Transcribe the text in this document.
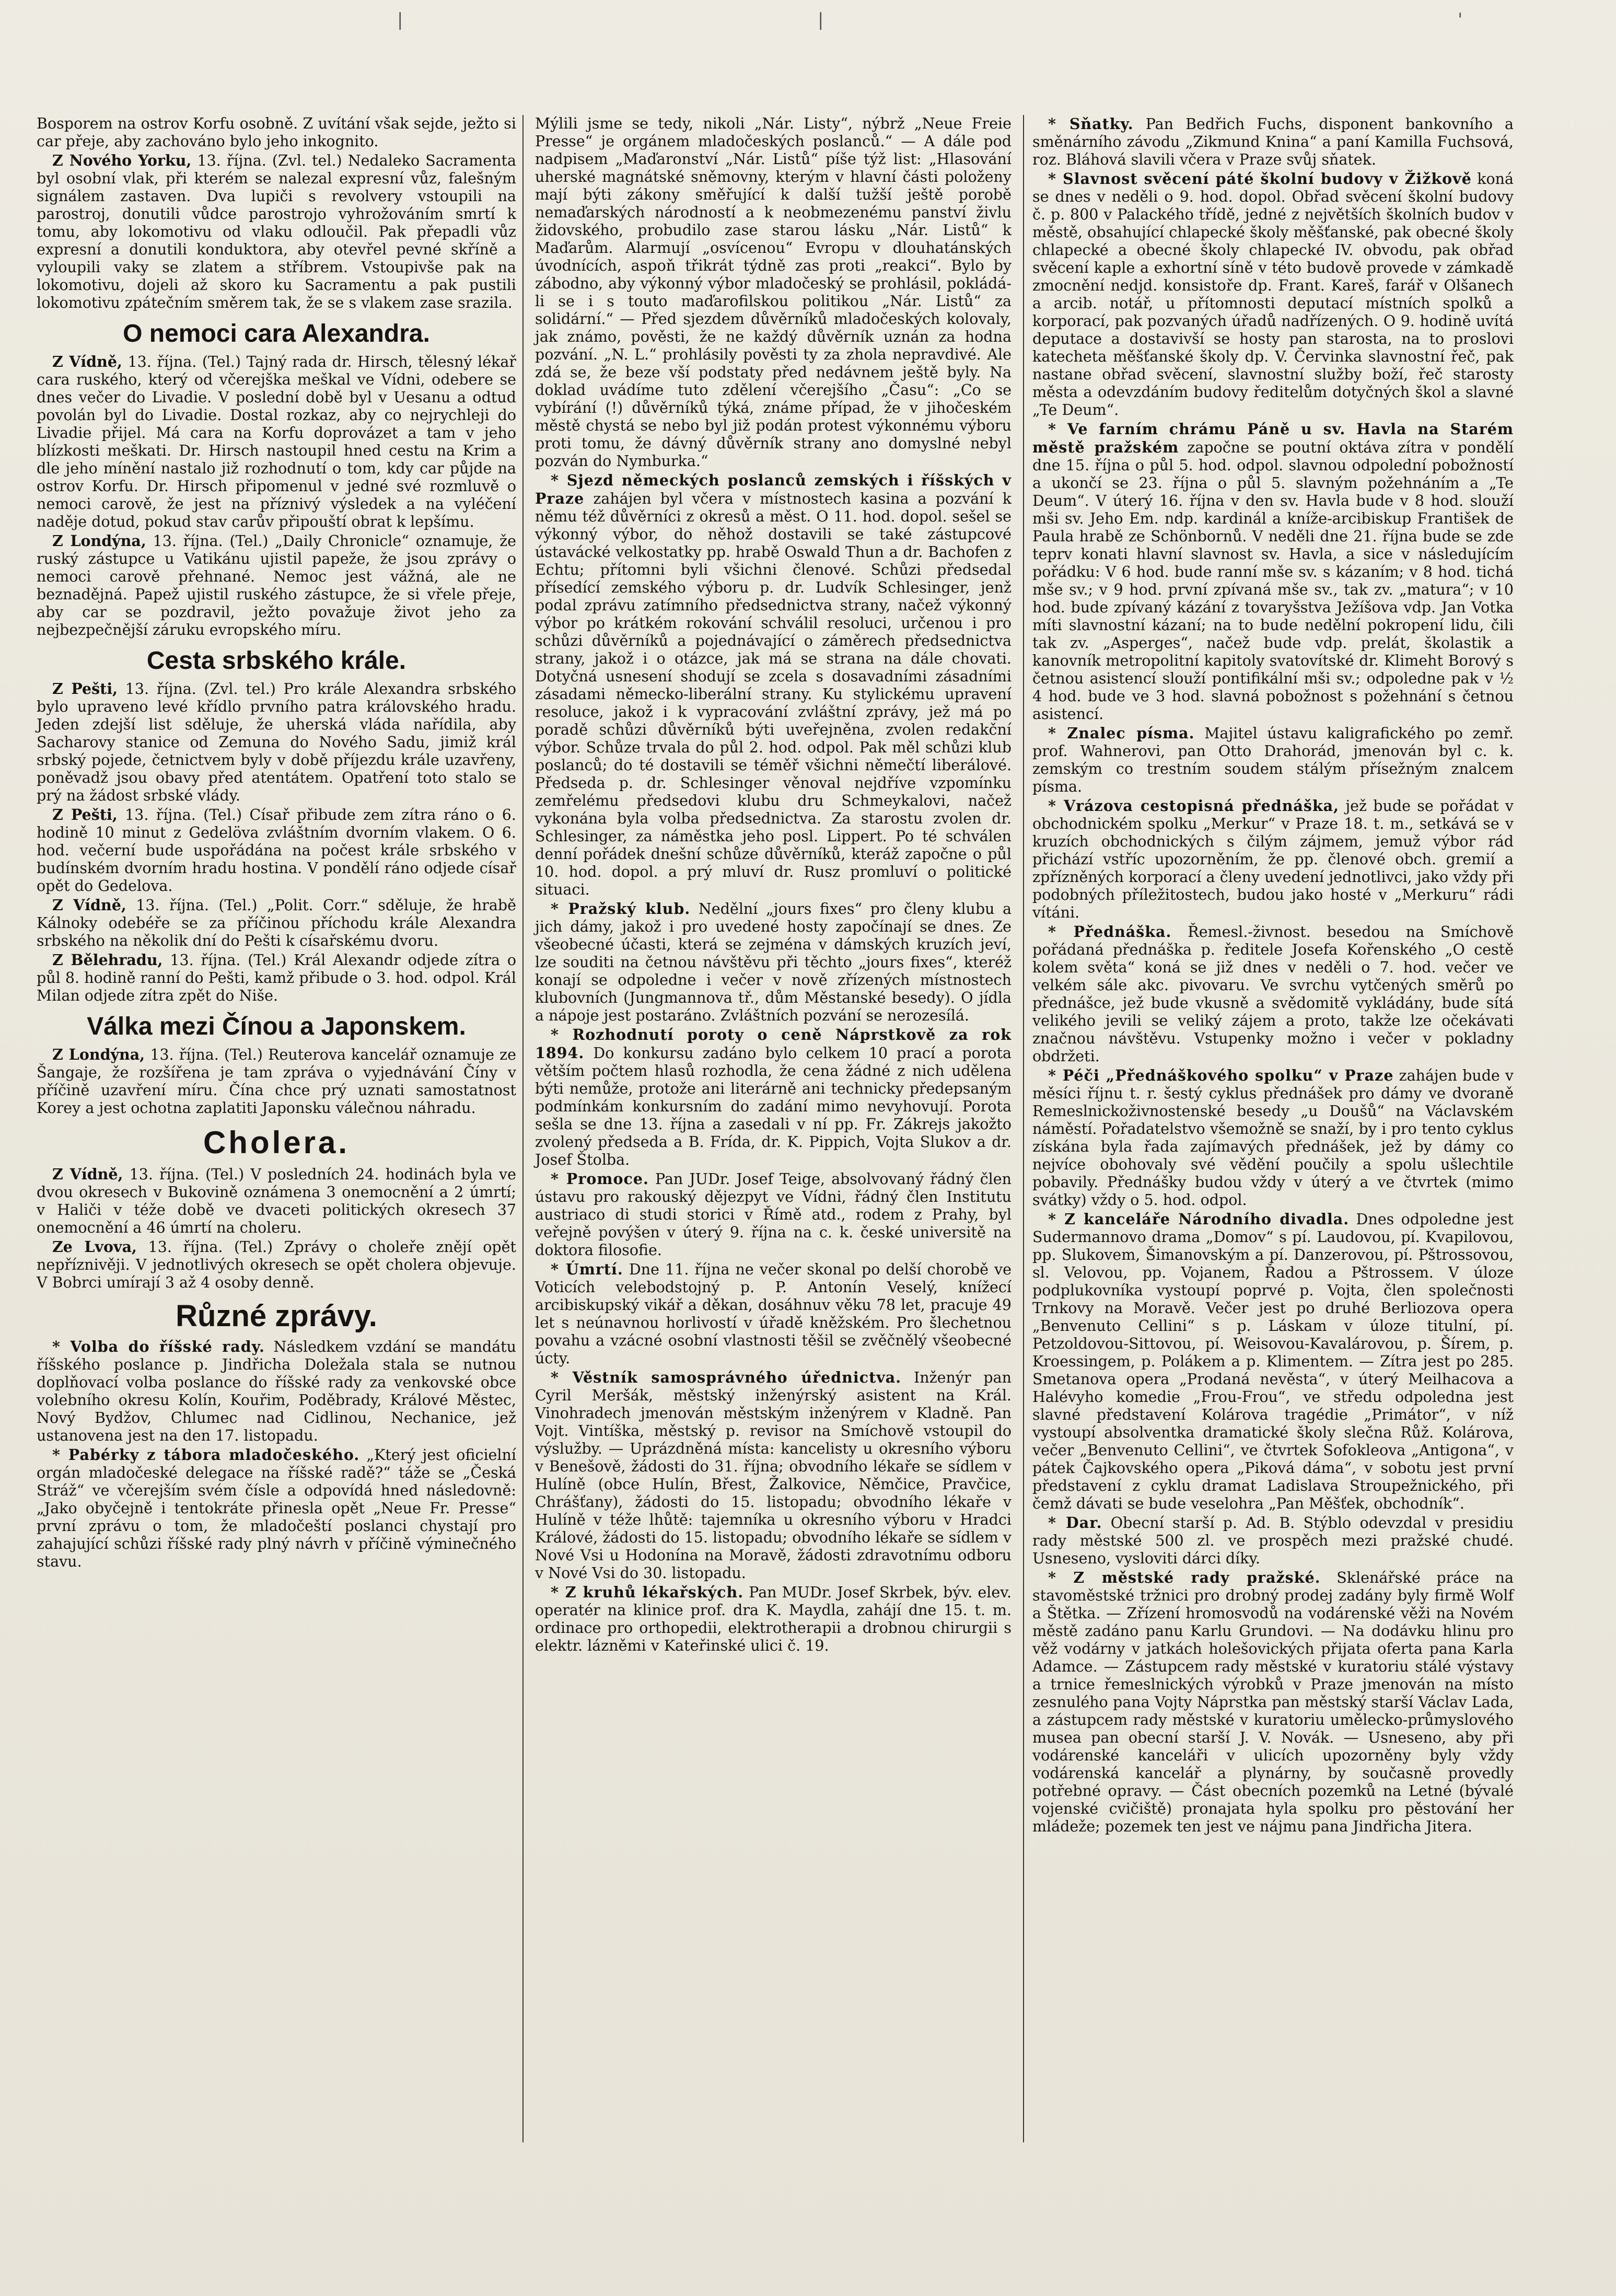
|	|	'

Bosporem na ostrov Korfu osobně. Z uvítání však sejde, ježto si car přeje, aby zachováno bylo jeho inkognito.

Z Nového Yorku, 13. října. (Zvl. tel.) Nedaleko Sacramenta byl osobní vlak, při kterém se nalezal expresní vůz, falešným signálem zastaven. Dva lupiči s revolvery vstoupili na parostroj, donutili vůdce parostrojo vyhrožováním smrtí k tomu, aby lokomotivu od vlaku odloučil. Pak přepadli vůz expresní a donutili konduktora, aby otevřel pevné skříně a vyloupili vaky se zlatem a stříbrem. Vstoupivše pak na lokomotivu, dojeli až skoro ku Sacramentu a pak pustili lokomotivu zpátečním směrem tak, že se s vlakem zase srazila.

O nemoci cara Alexandra.

Z Vídně, 13. října. (Tel.) Tajný rada dr. Hirsch, tělesný lékař cara ruského, který od včerejška meškal ve Vídni, odebere se dnes večer do Livadie. V poslední době byl v Uesanu a odtud povolán byl do Livadie. Dostal rozkaz, aby co nejrychleji do Livadie přijel. Má cara na Korfu doprovázet a tam v jeho blízkosti meškati. Dr. Hirsch nastoupil hned cestu na Krim a dle jeho mínění nastalo již rozhodnutí o tom, kdy car půjde na ostrov Korfu. Dr. Hirsch připomenul v jedné své rozmluvě o nemoci carově, že jest na příznivý výsledek a na vyléčení naděje dotud, pokud stav carův připouští obrat k lepšímu.

Z Londýna, 13. října. (Tel.) „Daily Chronicle“ oznamuje, že ruský zástupce u Vatikánu ujistil papeže, že jsou zprávy o nemoci carově přehnané. Nemoc jest vážná, ale ne beznadějná. Papež ujistil ruského zástupce, že si vřele přeje, aby car se pozdravil, ježto považuje život jeho za nejbezpečnější záruku evropského míru.

Cesta srbského krále.

Z Pešti, 13. října. (Zvl. tel.) Pro krále Alexandra srbského bylo upraveno levé křídlo prvního patra královského hradu. Jeden zdejší list sděluje, že uherská vláda nařídila, aby Sacharovy stanice od Zemuna do Nového Sadu, jimiž král srbský pojede, četnictvem byly v době příjezdu krále uzavřeny, poněvadž jsou obavy před atentátem. Opatření toto stalo se prý na žádost srbské vlády.

Z Pešti, 13. října. (Tel.) Císař přibude zem zítra ráno o 6. hodině 10 minut z Gedelöva zvláštním dvorním vlakem. O 6. hod. večerní bude uspořádána na počest krále srbského v budínském dvorním hradu hostina. V pondělí ráno odjede císař opět do Gedelova.

Z Vídně, 13. října. (Tel.) „Polit. Corr.“ sděluje, že hrabě Kálnoky odebéře se za příčinou příchodu krále Alexandra srbského na několik dní do Pešti k císařskému dvoru.

Z Bělehradu, 13. října. (Tel.) Král Alexandr odjede zítra o půl 8. hodině ranní do Pešti, kamž přibude o 3. hod. odpol. Král Milan odjede zítra zpět do Niše.

Válka mezi Čínou a Japonskem.

Z Londýna, 13. října. (Tel.) Reuterova kancelář oznamuje ze Šangaje, že rozšířena je tam zpráva o vyjednávání Číny v příčině uzavření míru. Čína chce prý uznati samostatnost Korey a jest ochotna zaplatiti Japonsku válečnou náhradu.

Cholera.

Z Vídně, 13. října. (Tel.) V posledních 24. hodinách byla ve dvou okresech v Bukovině oznámena 3 onemocnění a 2 úmrtí; v Haliči v téže době ve dvaceti politických okresech 37 onemocnění a 46 úmrtí na choleru.

Ze Lvova, 13. října. (Tel.) Zprávy o choleře znějí opět nepříznivěji. V jednotlivých okresech se opět cholera objevuje. V Bobrci umírají 3 až 4 osoby denně.

Různé zprávy.

* Volba do říšské rady. Následkem vzdání se mandátu říšského poslance p. Jindřicha Doležala stala se nutnou doplňovací volba poslance do říšské rady za venkovské obce volebního okresu Kolín, Kouřim, Poděbrady, Králové Městec, Nový Bydžov, Chlumec nad Cidlinou, Nechanice, jež ustanovena jest na den 17. listopadu.

* Pabérky z tábora mladočeského. „Který jest oficielní orgán mladočeské delegace na říšské radě?“ táže se „Česká Stráž“ ve včerejším svém čísle a odpovídá hned následovně: „Jako obyčejně i tentokráte přinesla opět „Neue Fr. Presse“ první zprávu o tom, že mladočeští poslanci chystají pro zahajující schůzi říšské rady plný návrh v příčině výminečného stavu.

Mýlili jsme se tedy, nikoli „Nár. Listy“, nýbrž „Neue Freie Presse“ je orgánem mladočeských poslanců.“ — A dále pod nadpisem „Maďaronství „Nár. Listů“ píše týž list: „Hlasování uherské magnátské sněmovny, kterým v hlavní části položeny mají býti zákony směřující k další tužší ještě porobě nemaďarských národností a k neobmezenému panství živlu židovského, probudilo zase starou lásku „Nár. Listů“ k Maďarům. Alarmují „osvícenou“ Evropu v dlouhatánských úvodnících, aspoň třikrát týdně zas proti „reakci“. Bylo by zábodno, aby výkonný výbor mladočeský se prohlásil, pokládá-li se i s touto maďarofilskou politikou „Nár. Listů“ za solidární.“ — Před sjezdem důvěrníků mladočeských kolovaly, jak známo, pověsti, že ne každý důvěrník uznán za hodna pozvání. „N. L.“ prohlásily pověsti ty za zhola nepravdivé. Ale zdá se, že beze vší podstaty před nedávnem ještě byly. Na doklad uvádíme tuto zdělení včerejšího „Času“: „Co se vybírání (!) důvěrníků týká, známe případ, že v jihočeském městě chystá se nebo byl již podán protest výkonnému výboru proti tomu, že dávný důvěrník strany ano domyslné nebyl pozván do Nymburka.“

* Sjezd německých poslanců zemských i říšských v Praze zahájen byl včera v místnostech kasina a pozvání k němu též důvěrníci z okresů a měst. O 11. hod. dopol. sešel se výkonný výbor, do něhož dostavili se také zástupcové ústavácké velkostatky pp. hrabě Oswald Thun a dr. Bachofen z Echtu; přítomni byli všichni členové. Schůzi předsedal přísedící zemského výboru p. dr. Ludvík Schlesinger, jenž podal zprávu zatímního předsednictva strany, načež výkonný výbor po krátkém rokování schválil resoluci, určenou i pro schůzi důvěrníků a pojednávající o záměrech předsednictva strany, jakož i o otázce, jak má se strana na dále chovati. Dotyčná usnesení shodují se zcela s dosavadními zásadními zásadami německo-liberální strany. Ku stylickému upravení resoluce, jakož i k vypracování zvláštní zprávy, jež má po poradě schůzi důvěrníků býti uveřejněna, zvolen redakční výbor. Schůze trvala do půl 2. hod. odpol. Pak měl schůzi klub poslanců; do té dostavili se téměř všichni němečtí liberálové. Předseda p. dr. Schlesinger věnoval nejdříve vzpomínku zemřelému předsedovi klubu dru Schmeykalovi, načež vykonána byla volba předsednictva. Za starostu zvolen dr. Schlesinger, za náměstka jeho posl. Lippert. Po té schválen denní pořádek dnešní schůze důvěrníků, kteráž započne o půl 10. hod. dopol. a prý mluví dr. Rusz promluví o politické situaci.

* Pražský klub. Nedělní „jours fixes“ pro členy klubu a jich dámy, jakož i pro uvedené hosty započínají se dnes. Ze všeobecné účasti, která se zejména v dámských kruzích jeví, lze souditi na četnou návštěvu při těchto „jours fixes“, kteréž konají se odpoledne i večer v nově zřízených místnostech klubovních (Jungmannova tř., dům Městanské besedy). O jídla a nápoje jest postaráno. Zvláštních pozvání se nerozesílá.

* Rozhodnutí poroty o ceně Náprstkově za rok 1894. Do konkursu zadáno bylo celkem 10 prací a porota větším počtem hlasů rozhodla, že cena žádné z nich udělena býti nemůže, protože ani literárně ani technicky předepsaným podmínkám konkursním do zadání mimo nevyhovují. Porota sešla se dne 13. října a zasedali v ní pp. Fr. Zákrejs jakožto zvolený předseda a B. Frída, dr. K. Pippich, Vojta Slukov a dr. Josef Štolba.

* Promoce. Pan JUDr. Josef Teige, absolvovaný řádný člen ústavu pro rakouský dějezpyt ve Vídni, řádný člen Institutu austriaco di studi storici v Římě atd., rodem z Prahy, byl veřejně povýšen v úterý 9. října na c. k. české universitě na doktora filosofie.

* Úmrtí. Dne 11. října ne večer skonal po delší chorobě ve Voticích velebodstojný p. P. Antonín Veselý, knížecí arcibiskupský vikář a děkan, dosáhnuv věku 78 let, pracuje 49 let s neúnavnou horlivostí v úřadě kněžském. Pro šlechetnou povahu a vzácné osobní vlastnosti těšil se zvěčnělý všeobecné úcty.

* Věstník samosprávného úřednictva. Inženýr pan Cyril Meršák, městský inženýrský asistent na Král. Vinohradech jmenován městským inženýrem v Kladně. Pan Vojt. Vintíška, městský p. revisor na Smíchově vstoupil do výslužby. — Uprázdněná místa: kancelisty u okresního výboru v Benešově, žádosti do 31. října; obvodního lékaře se sídlem v Hulíně (obce Hulín, Břest, Žalkovice, Němčice, Pravčice, Chrášťany), žádosti do 15. listopadu; obvodního lékaře v Hulíně v téže lhůtě: tajemníka u okresního výboru v Hradci Králové, žádosti do 15. listopadu; obvodního lékaře se sídlem v Nové Vsi u Hodonína na Moravě, žádosti zdravotnímu odboru v Nové Vsi do 30. listopadu.

* Z kruhů lékařských. Pan MUDr. Josef Skrbek, býv. elev. operatér na klinice prof. dra K. Maydla, zahájí dne 15. t. m. ordinace pro orthopedii, elektrotherapii a drobnou chirurgii s elektr. lázněmi v Kateřinské ulici č. 19.

* Sňatky. Pan Bedřich Fuchs, disponent bankovního a směnárního závodu „Zikmund Knina“ a paní Kamilla Fuchsová, roz. Bláhová slavili včera v Praze svůj sňatek.

* Slavnost svěcení páté školní budovy v Žižkově koná se dnes v neděli o 9. hod. dopol. Obřad svěcení školní budovy č. p. 800 v Palackého třídě, jedné z největších školních budov v městě, obsahující chlapecké školy měšťanské, pak obecné školy chlapecké a obecné školy chlapecké IV. obvodu, pak obřad svěcení kaple a exhortní síně v této budově provede v zámkadě zmocnění nedjd. konsistoře dp. Frant. Kareš, farář v Olšanech a arcib. notář, u přítomnosti deputací místních spolků a korporací, pak pozvaných úřadů nadřízených. O 9. hodině uvítá deputace a dostavivší se hosty pan starosta, na to proslovi katecheta měšťanské školy dp. V. Červinka slavnostní řeč, pak nastane obřad svěcení, slavnostní služby boží, řeč starosty města a odevzdáním budovy ředitelům dotyčných škol a slavné „Te Deum“.

* Ve farním chrámu Páně u sv. Havla na Starém městě pražském započne se poutní oktáva zítra v pondělí dne 15. října o půl 5. hod. odpol. slavnou odpolední pobožností a ukončí se 23. října o půl 5. slavným požehnáním a „Te Deum“. V úterý 16. října v den sv. Havla bude v 8 hod. slouží mši sv. Jeho Em. ndp. kardinál a kníže-arcibiskup František de Paula hrabě ze Schönbornů. V neděli dne 21. října bude se zde teprv konati hlavní slavnost sv. Havla, a sice v následujícím pořádku: V 6 hod. bude ranní mše sv. s kázaním; v 8 hod. tichá mše sv.; v 9 hod. první zpívaná mše sv., tak zv. „matura“; v 10 hod. bude zpívaný kázání z tovaryšstva Ježíšova vdp. Jan Votka míti slavnostní kázaní; na to bude nedělní pokropení lidu, čili tak zv. „Asperges“, načež bude vdp. prelát, školastik a kanovník metropolitní kapitoly svatovítské dr. Klimeht Borový s četnou asistencí slouží pontifikální mši sv.; odpoledne pak v ½ 4 hod. bude ve 3 hod. slavná pobožnost s požehnání s četnou asistencí.

* Znalec písma. Majitel ústavu kaligrafického po zemř. prof. Wahnerovi, pan Otto Drahorád, jmenován byl c. k. zemským co trestním soudem stálým přísežným znalcem písma.

* Vrázova cestopisná přednáška, jež bude se pořádat v obchodnickém spolku „Merkur“ v Praze 18. t. m., setkává se v kruzích obchodnických s čilým zájmem, jemuž výbor rád přichází vstříc upozorněním, že pp. členové obch. gremií a zpřízněných korporací a členy uvedení jednotlivci, jako vždy při podobných příležitostech, budou jako hosté v „Merkuru“ rádi vítáni.

* Přednáška. Řemesl.-živnost. besedou na Smíchově pořádaná přednáška p. ředitele Josefa Kořenského „O cestě kolem světa“ koná se již dnes v neděli o 7. hod. večer ve velkém sále akc. pivovaru. Ve svrchu vytčených směrů po přednášce, jež bude vkusně a svědomitě vykládány, bude sítá velikého jevili se veliký zájem a proto, takže lze očekávati značnou návštěvu. Vstupenky možno i večer v pokladny obdržeti.

* Péči „Přednáškového spolku“ v Praze zahájen bude v měsíci říjnu t. r. šestý cyklus přednášek pro dámy ve dvoraně Remeslnickoživnostenské besedy „u Doušů“ na Václavském náměstí. Pořadatelstvo všemožně se snaží, by i pro tento cyklus získána byla řada zajímavých přednášek, jež by dámy co nejvíce obohovaly své vědění poučily a spolu ušlechtile pobavily. Přednášky budou vždy v úterý a ve čtvrtek (mimo svátky) vždy o 5. hod. odpol.

* Z kanceláře Národního divadla. Dnes odpoledne jest Sudermannovo drama „Domov“ s pí. Laudovou, pí. Kvapilovou, pp. Slukovem, Šimanovským a pí. Danzerovou, pí. Pštrossovou, sl. Velovou, pp. Vojanem, Řadou a Pštrossem. V úloze podplukovníka vystoupí poprvé p. Vojta, člen společnosti Trnkovy na Moravě. Večer jest po druhé Berliozova opera „Benvenuto Cellini“ s p. Láskam v úloze titulní, pí. Petzoldovou-Sittovou, pí. Weisovou-Kavalárovou, p. Šírem, p. Kroessingem, p. Polákem a p. Klimentem. — Zítra jest po 285. Smetanova opera „Prodaná nevěsta“, v úterý Meilhacova a Halévyho komedie „Frou-Frou“, ve středu odpoledna jest slavné představení Kolárova tragédie „Primátor“, v níž vystoupí absolventka dramatické školy slečna Růž. Kolárova, večer „Benvenuto Cellini“, ve čtvrtek Sofokleova „Antigona“, v pátek Čajkovského opera „Piková dáma“, v sobotu jest první představení z cyklu dramat Ladislava Stroupežnického, při čemž dávati se bude veselohra „Pan Měšťek, obchodník“.

* Dar. Obecní starší p. Ad. B. Stýblo odevzdal v presidiu rady městské 500 zl. ve prospěch mezi pražské chudé. Usneseno, vysloviti dárci díky.

* Z městské rady pražské. Sklenářské práce na stavoměstské tržnici pro drobný prodej zadány byly firmě Wolf a Štětka. — Zřízení hromosvodů na vodárenské věži na Novém městě zadáno panu Karlu Grundovi. — Na dodávku hlinu pro věž vodárny v jatkách holešovických přijata oferta pana Karla Adamce. — Zástupcem rady městské v kuratoriu stálé výstavy a trnice řemeslnických výrobků v Praze jmenován na místo zesnulého pana Vojty Náprstka pan městský starší Václav Lada, a zástupcem rady městské v kuratoriu umělecko-průmyslového musea pan obecní starší J. V. Novák. — Usneseno, aby při vodárenské kanceláři v ulicích upozorněny byly vždy vodárenská kancelář a plynárny, by současně provedly potřebné opravy. — Část obecních pozemků na Letné (bývalé vojenské cvičiště) pronajata hyla spolku pro pěstování her mládeže; pozemek ten jest ve nájmu pana Jindřicha Jitera.
